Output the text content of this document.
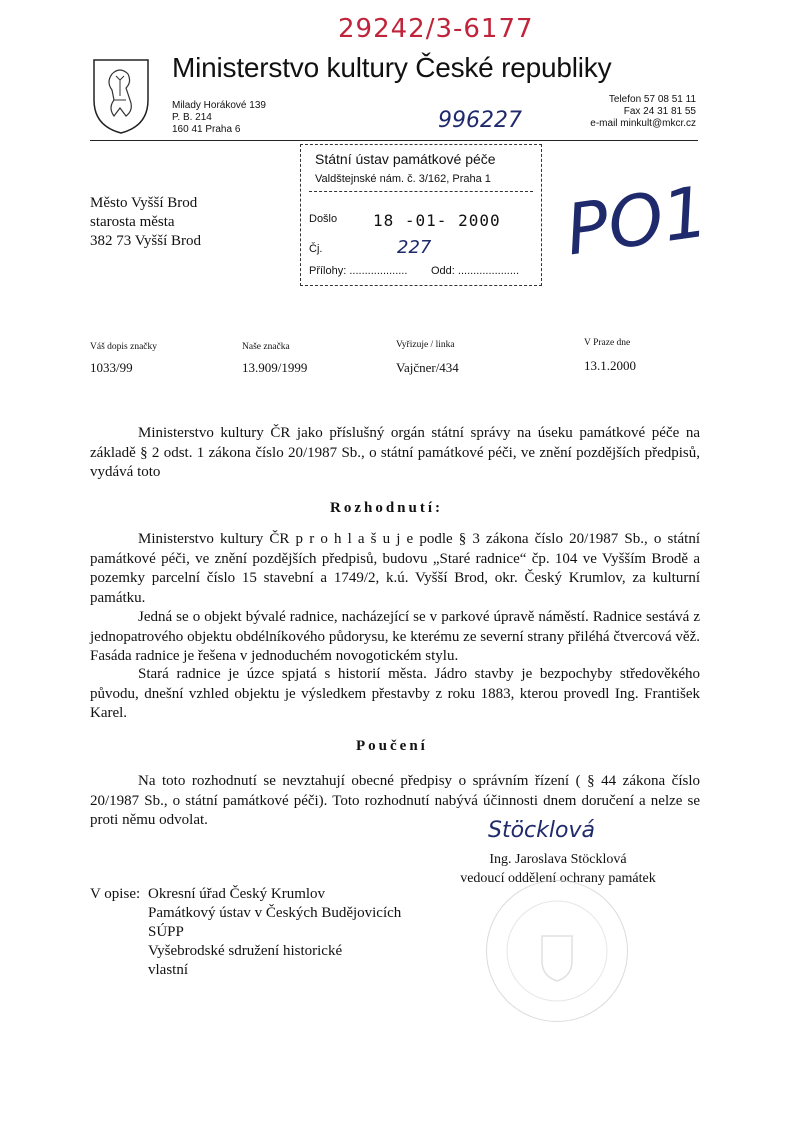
29242/3-6177
996227
PO1
Ministerstvo kultury České republiky
Milady Horákové 139
P. B. 214
160 41 Praha 6
Telefon 57 08 51 11
Fax 24 31 81 55
e-mail minkult@mkcr.cz
Státní ústav památkové péče
Valdštejnské nám. č. 3/162, Praha 1
Došlo 18 -01- 2000
Čj.	227
Přílohy: ................... Odd: ....................
Město Vyšší Brod
starosta města
382 73 Vyšší Brod
Váš dopis značky
1033/99
Naše značka
13.909/1999
Vyřizuje / linka
Vajčner/434
V Praze dne
13.1.2000
Ministerstvo kultury ČR jako příslušný orgán státní správy na úseku památkové péče na základě § 2 odst. 1 zákona číslo 20/1987 Sb., o státní památkové péči, ve znění pozdějších předpisů, vydává toto
Rozhodnutí:
Ministerstvo kultury ČR p r o h l a š u j e podle § 3 zákona číslo 20/1987 Sb., o státní památkové péči, ve znění pozdějších předpisů, budovu „Staré radnice“ čp. 104 ve Vyšším Brodě a pozemky parcelní číslo 15 stavební a 1749/2, k.ú. Vyšší Brod, okr. Český Krumlov, za kulturní památku.
Jedná se o objekt bývalé radnice, nacházející se v parkové úpravě náměstí. Radnice sestává z jednopatrového objektu obdélníkového půdorysu, ke kterému ze severní strany přiléhá čtvercová věž. Fasáda radnice je řešena v jednoduchém novogotickém stylu.
Stará radnice je úzce spjatá s historií města. Jádro stavby je bezpochyby středověkého původu, dnešní vzhled objektu je výsledkem přestavby z roku 1883, kterou provedl Ing. František Karel.
Poučení
Na toto rozhodnutí se nevztahují obecné předpisy o správním řízení ( § 44 zákona číslo 20/1987 Sb., o státní památkové péči). Toto rozhodnutí nabývá účinnosti dnem doručení a nelze se proti němu odvolat.	Stöcklová
Ing. Jaroslava Stöcklová
vedoucí oddělení ochrany památek
V opise: Okresní úřad Český Krumlov
Památkový ústav v Českých Budějovicích
SÚPP
Vyšebrodské sdružení historické
vlastní
